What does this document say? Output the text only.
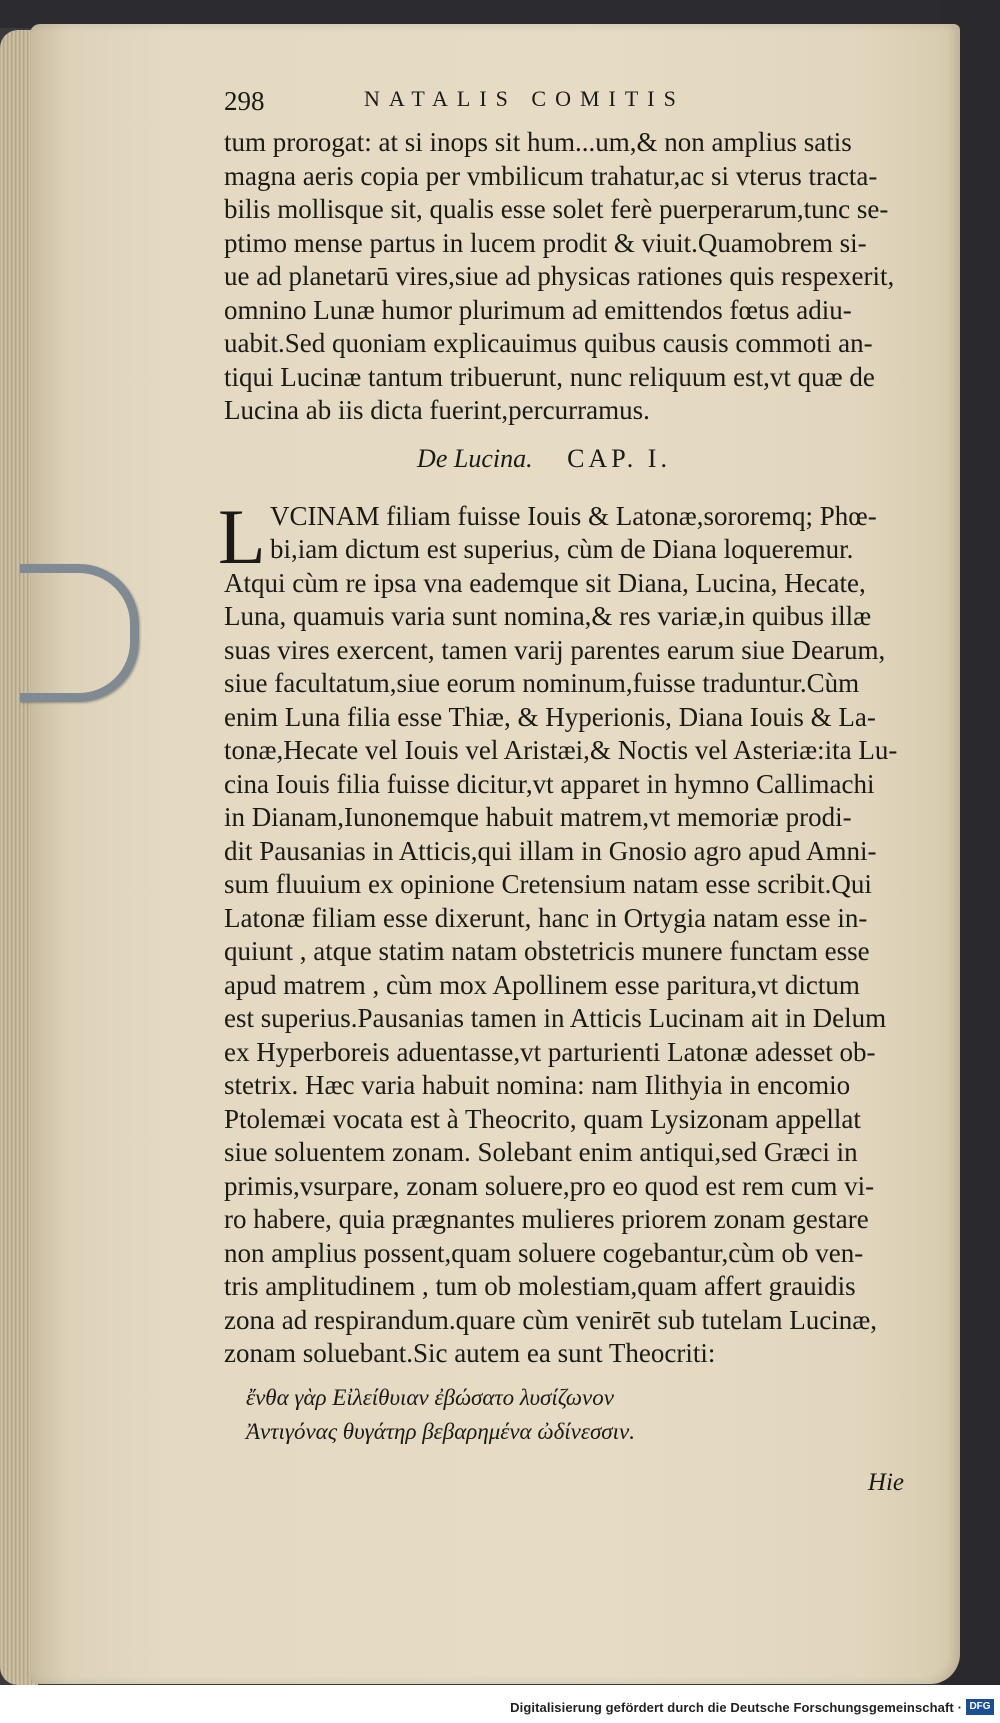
298	NATALIS COMITIS
tum prorogat: at si inops sit hum...um,& non amplius satis
magna aeris copia per vmbilicum trahatur,ac si vterus tracta-
bilis mollisque sit, qualis esse solet ferè puerperarum,tunc se-
ptimo mense partus in lucem prodit & viuit.Quamobrem si-
ue ad planetarū vires,siue ad physicas rationes quis respexerit,
omnino Lunæ humor plurimum ad emittendos fœtus adiu-
uabit.Sed quoniam explicauimus quibus causis commoti an-
tiqui Lucinæ tantum tribuerunt, nunc reliquum est,vt quæ de
Lucina ab iis dicta fuerint,percurramus.
De Lucina. CAP. I.
L VCINAM filiam fuisse Iouis & Latonæ,sororemq; Phœ-
bi,iam dictum est superius, cùm de Diana loqueremur.
Atqui cùm re ipsa vna eademque sit Diana, Lucina, Hecate,
Luna, quamuis varia sunt nomina,& res variæ,in quibus illæ
suas vires exercent, tamen varij parentes earum siue Dearum,
siue facultatum,siue eorum nominum,fuisse traduntur.Cùm
enim Luna filia esse Thiæ, & Hyperionis, Diana Iouis & La-
tonæ,Hecate vel Iouis vel Aristæi,& Noctis vel Asteriæ:ita Lu-
cina Iouis filia fuisse dicitur,vt apparet in hymno Callimachi
in Dianam,Iunonemque habuit matrem,vt memoriæ prodi-
dit Pausanias in Atticis,qui illam in Gnosio agro apud Amni-
sum fluuium ex opinione Cretensium natam esse scribit.Qui
Latonæ filiam esse dixerunt, hanc in Ortygia natam esse in-
quiunt , atque statim natam obstetricis munere functam esse
apud matrem , cùm mox Apollinem esse paritura,vt dictum
est superius.Pausanias tamen in Atticis Lucinam ait in Delum
ex Hyperboreis aduentasse,vt parturienti Latonæ adesset ob-
stetrix. Hæc varia habuit nomina: nam Ilithyia in encomio
Ptolemæi vocata est à Theocrito, quam Lysizonam appellat
siue soluentem zonam. Solebant enim antiqui,sed Græci in
primis,vsurpare, zonam soluere,pro eo quod est rem cum vi-
ro habere, quia prægnantes mulieres priorem zonam gestare
non amplius possent,quam soluere cogebantur,cùm ob ven-
tris amplitudinem , tum ob molestiam,quam affert grauidis
zona ad respirandum.quare cùm venirēt sub tutelam Lucinæ,
zonam soluebant.Sic autem ea sunt Theocriti:
ἔνθα γὰρ Εἰλείθυιαν ἐβώσατο λυσίζωνον
Ἀντιγόνας θυγάτηρ βεβαρημένα ὠδίνεσσιν.
Hie
Digitalisierung gefördert durch die Deutsche Forschungsgemeinschaft · DFG
